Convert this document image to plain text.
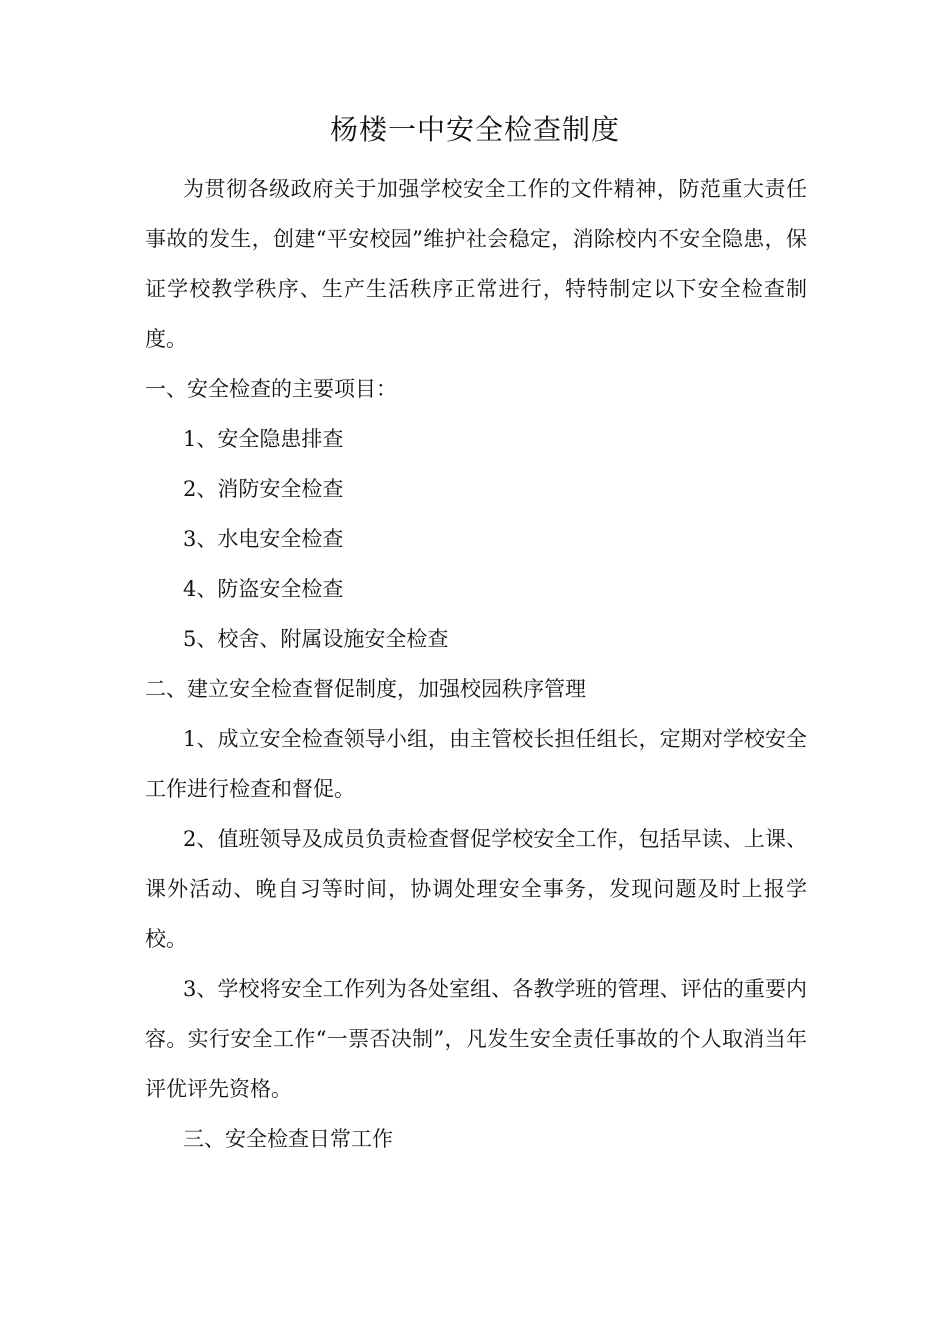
杨楼一中安全检查制度

为贯彻各级政府关于加强学校安全工作的文件精神，防范重大责任事故的发生，创建“平安校园”维护社会稳定，消除校内不安全隐患，保证学校教学秩序、生产生活秩序正常进行，特特制定以下安全检查制度。

一、安全检查的主要项目：

1、安全隐患排查

2、消防安全检查

3、水电安全检查

4、防盗安全检查

5、校舍、附属设施安全检查

二、建立安全检查督促制度，加强校园秩序管理

1、成立安全检查领导小组，由主管校长担任组长，定期对学校安全工作进行检查和督促。

2、值班领导及成员负责检查督促学校安全工作，包括早读、上课、课外活动、晚自习等时间，协调处理安全事务，发现问题及时上报学校。

3、学校将安全工作列为各处室组、各教学班的管理、评估的重要内容。实行安全工作“一票否决制”，凡发生安全责任事故的个人取消当年评优评先资格。

三、安全检查日常工作
